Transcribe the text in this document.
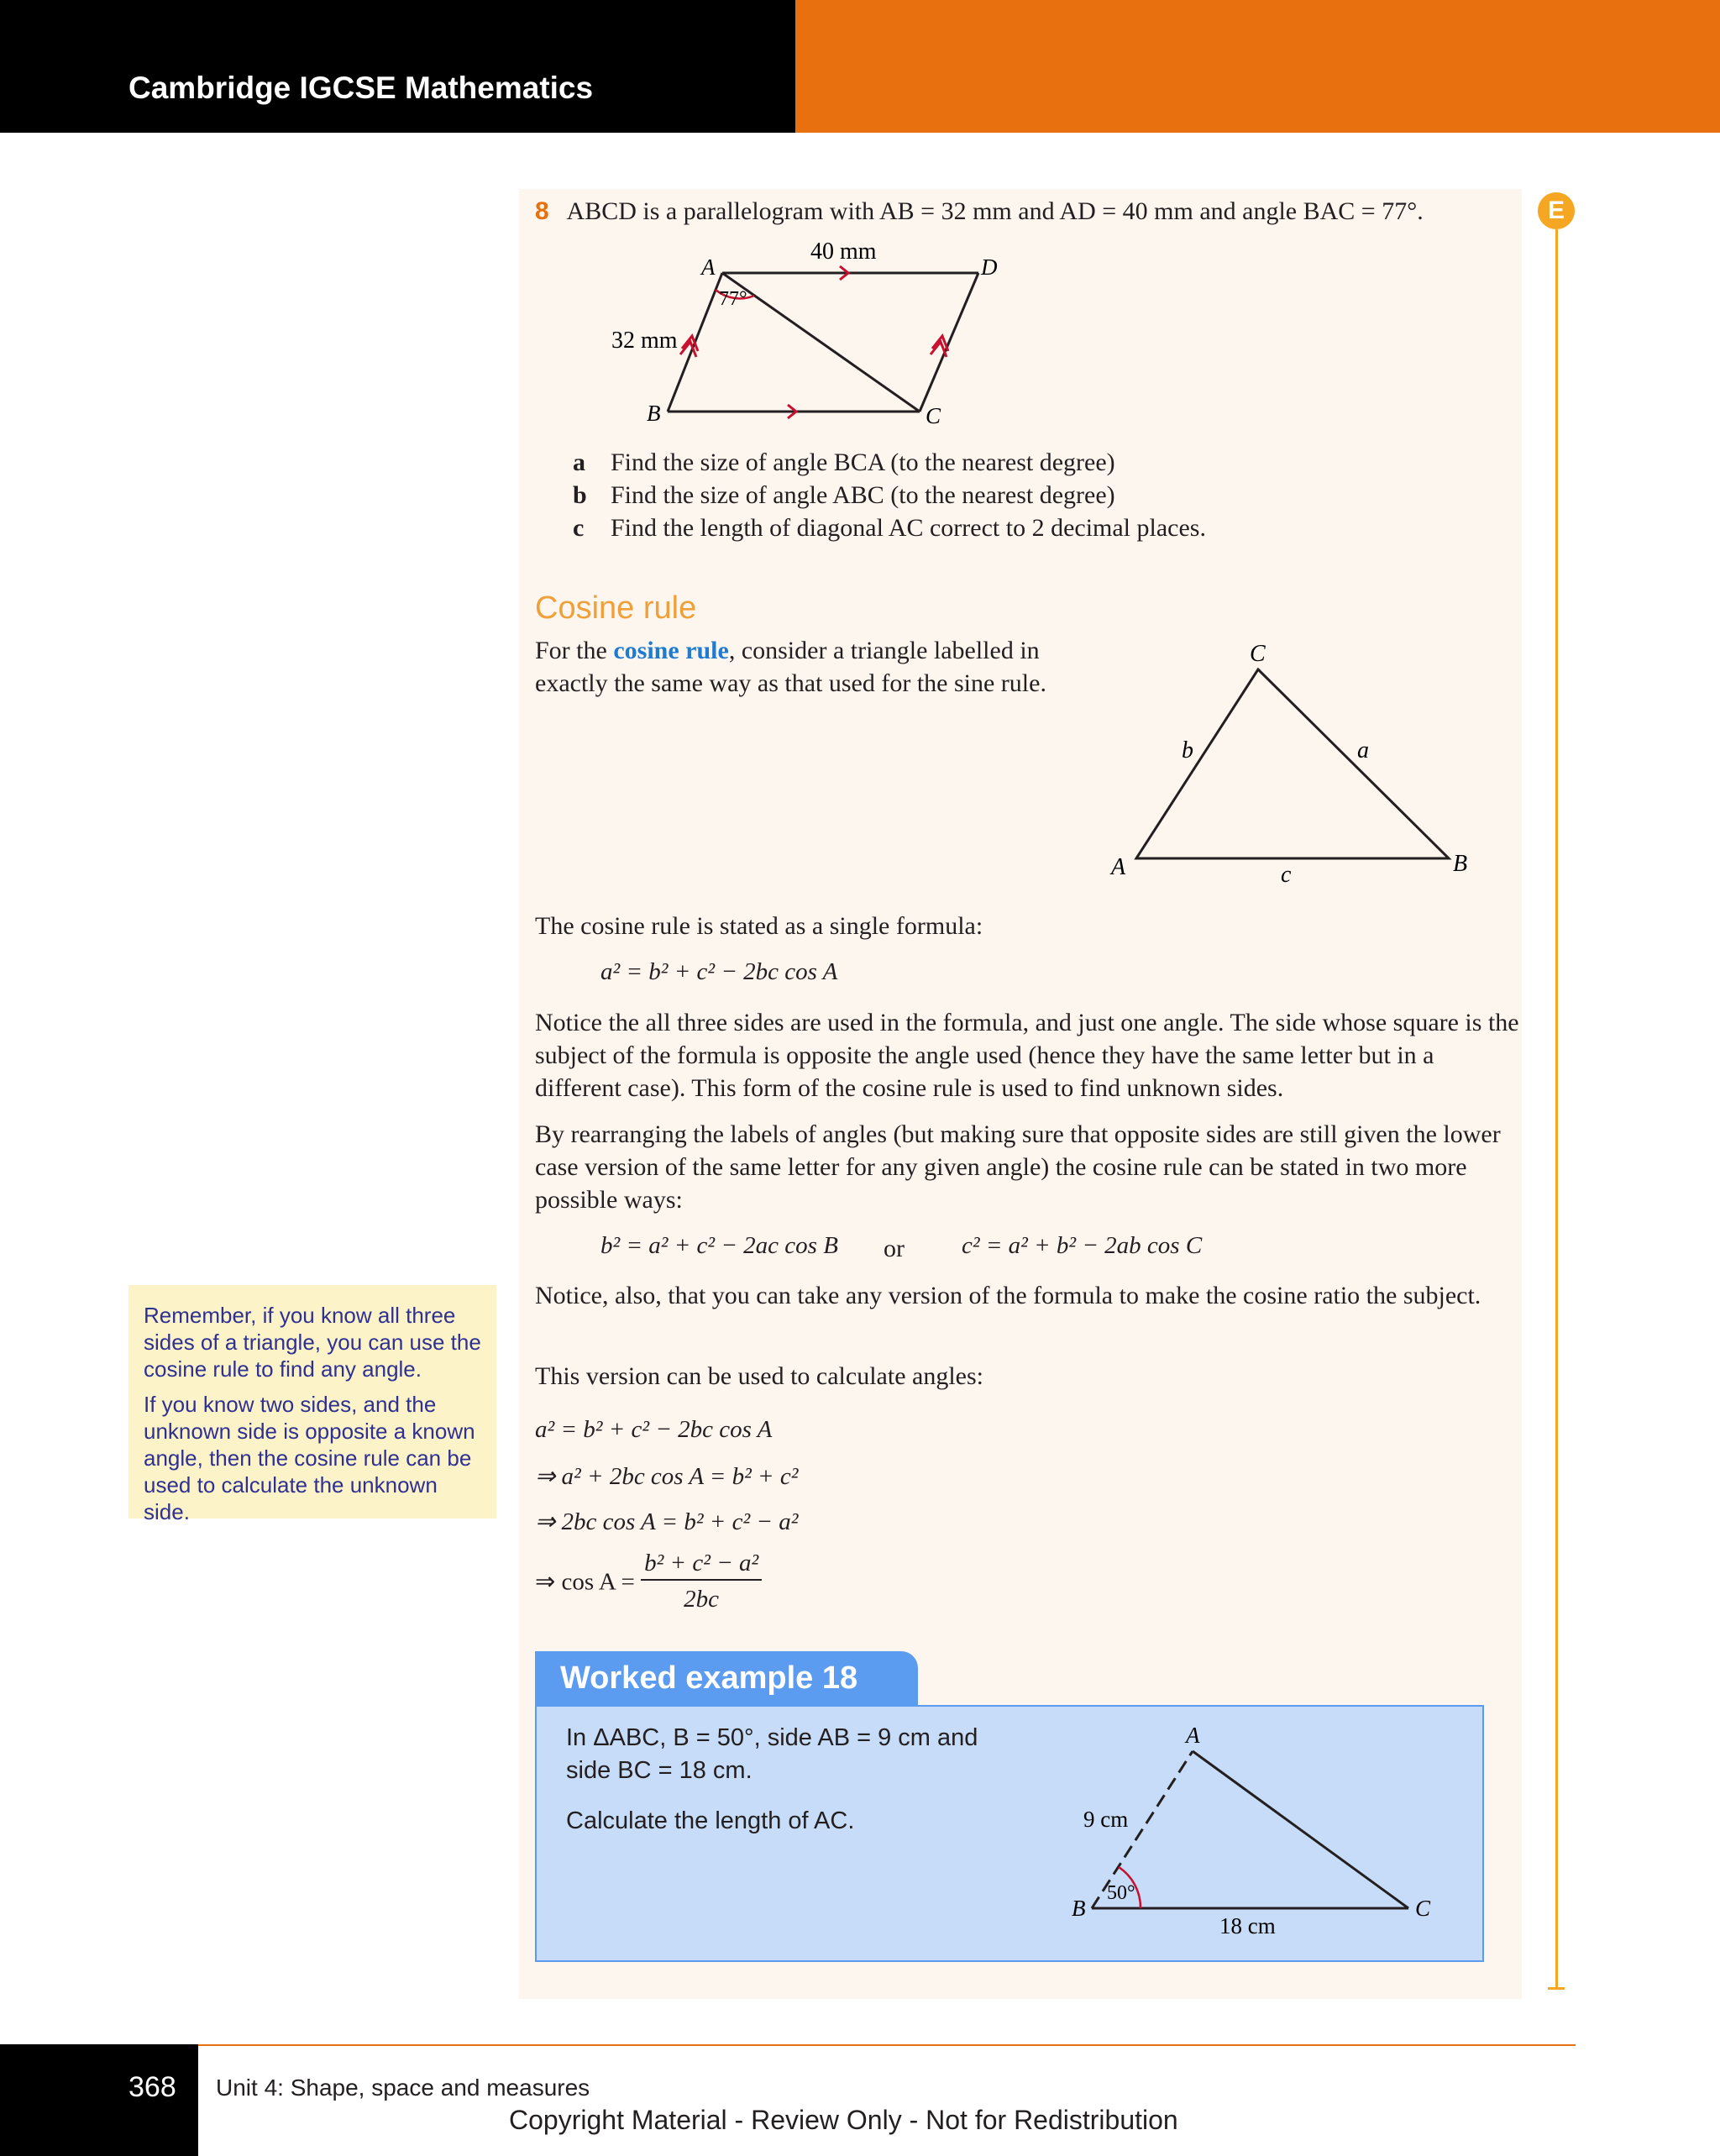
Cambridge IGCSE Mathematics
E

8 ABCD is a parallelogram with AB = 32 mm and AD = 40 mm and angle BAC = 77°.

40 mm
32 mm
77°
A	D
B	C
a Find the size of angle BCA (to the nearest degree)
b Find the size of angle ABC (to the nearest degree)
c Find the length of diagonal AC correct to 2 decimal places.
Cosine rule

For the cosine rule, consider a triangle labelled in exactly the same way as that used for the sine rule.

C
A	B
b	a
c

The cosine rule is stated as a single formula:

a² = b² + c² − 2bc cos A

Notice the all three sides are used in the formula, and just one angle. The side whose square is the subject of the formula is opposite the angle used (hence they have the same letter but in a different case). This form of the cosine rule is used to find unknown sides.

By rearranging the labels of angles (but making sure that opposite sides are still given the lower case version of the same letter for any given angle) the cosine rule can be stated in two more possible ways:

b² = a² + c² − 2ac cos B or c² = a² + b² − 2ab cos C

Notice, also, that you can take any version of the formula to make the cosine ratio the subject.

This version can be used to calculate angles:

a² = b² + c² − 2bc cos A
⇒ a² + 2bc cos A = b² + c²
⇒ 2bc cos A = b² + c² − a²
⇒ $\cos A = \frac{\text{b² + c² − a²}}{2bc}$

Remember, if you know all three sides of a triangle, you can use the cosine rule to find any angle.

If you know two sides, and the unknown side is opposite a known angle, then the cosine rule can be used to calculate the unknown side.

Worked example 18

In ΔABC, B = 50°, side AB = 9 cm and side BC = 18 cm.

Calculate the length of AC.

A
B	C
9 cm
18 cm
50°
368 Unit 4: Shape, space and measures
Copyright Material - Review Only - Not for Redistribution
